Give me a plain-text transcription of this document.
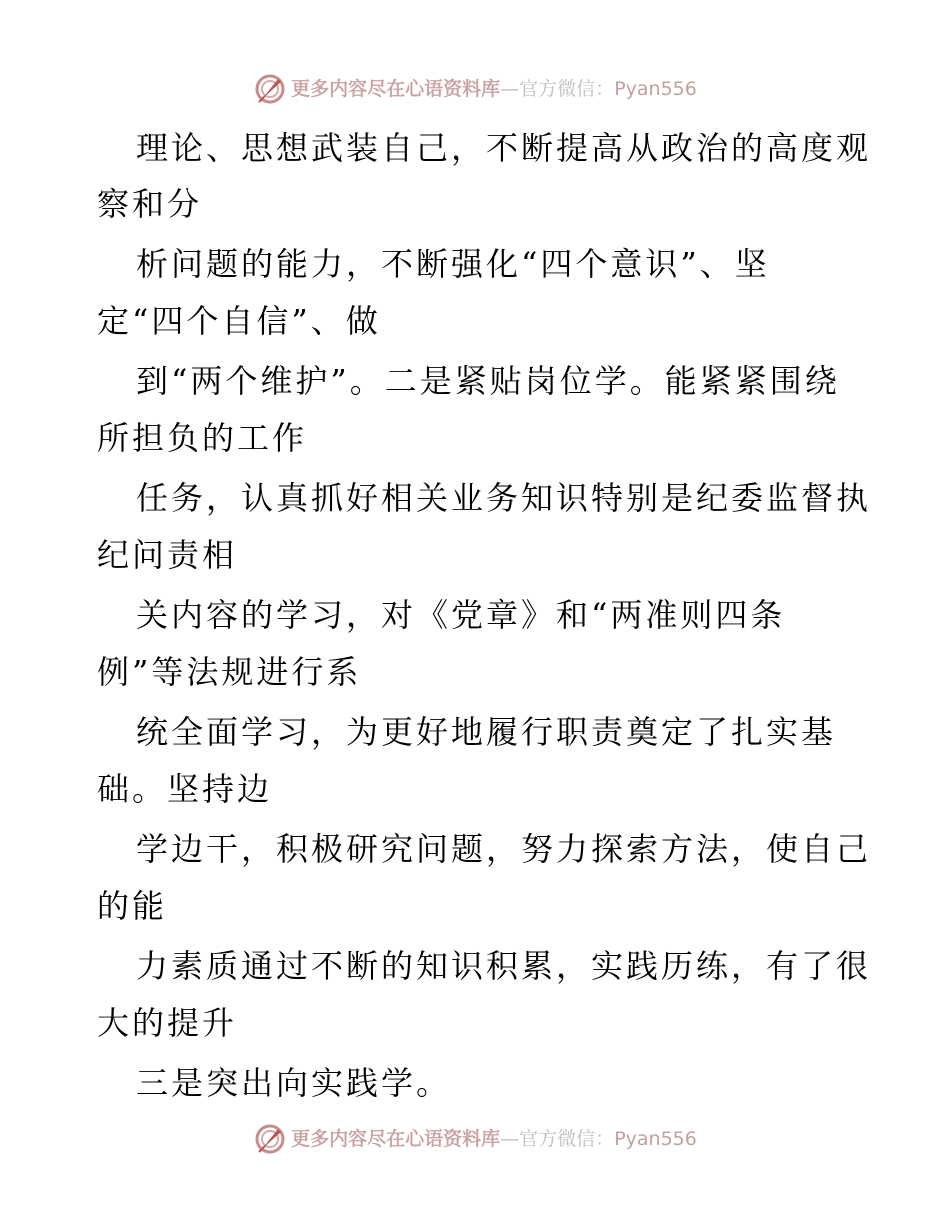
更多内容尽在心语资料库 — 官方微信： Pyan556
理论、思想武装自己，不断提高从政治的高度观
察和分
析问题的能力，不断强化“四个意识”、坚
定“四个自信”、做
到“两个维护”。二是紧贴岗位学。能紧紧围绕
所担负的工作
任务，认真抓好相关业务知识特别是纪委监督执
纪问责相
关内容的学习，对《党章》和“两准则四条
例”等法规进行系
统全面学习，为更好地履行职责奠定了扎实基
础。坚持边
学边干，积极研究问题，努力探索方法，使自己
的能
力素质通过不断的知识积累，实践历练，有了很
大的提升
三是突出向实践学。
更多内容尽在心语资料库 — 官方微信： Pyan556
